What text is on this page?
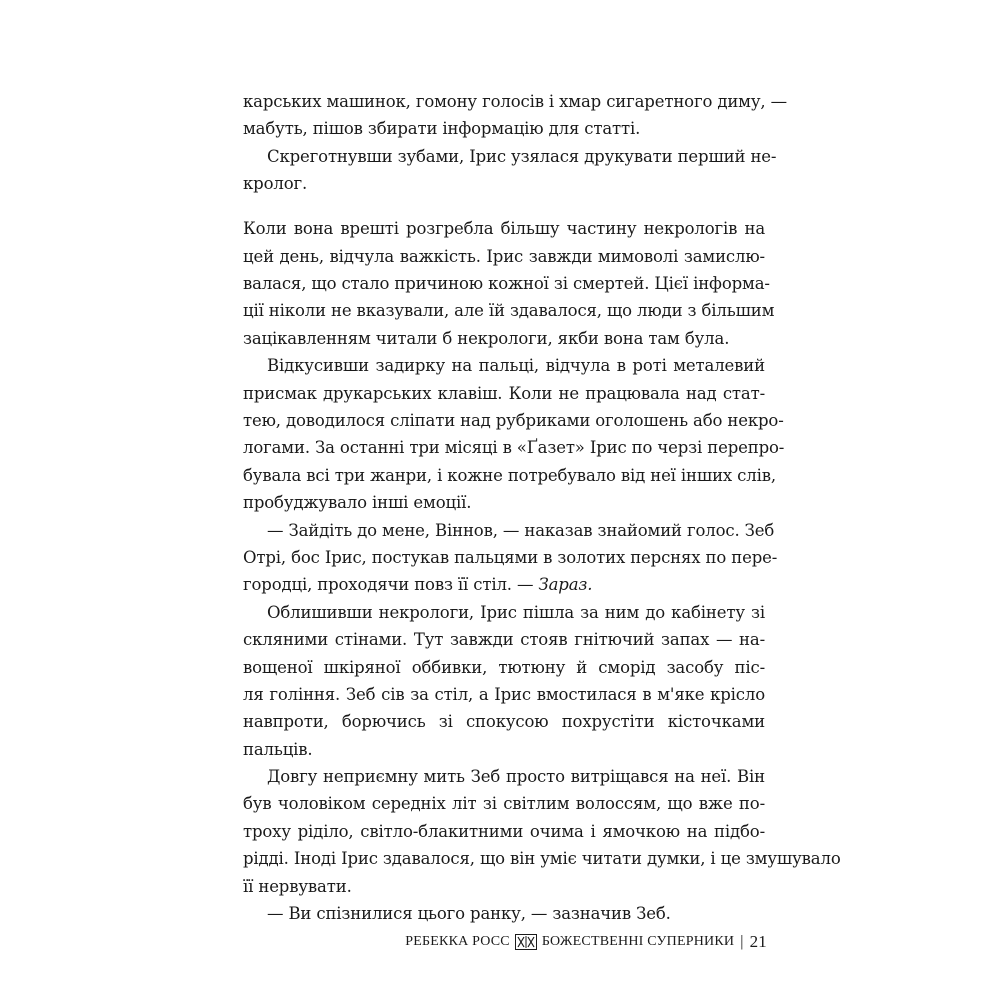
карських машинок, гомону голосів і хмар сигаретного диму, —
мабуть, пішов збирати інформацію для статті.
Скреготнувши зубами, Ірис узялася друкувати перший не-
кролог.
Коли вона врешті розгребла більшу частину некрологів на
цей день, відчула важкість. Ірис завжди мимоволі замислю-
валася, що стало причиною кожної зі смертей. Цієї інформа-
ції ніколи не вказували, але їй здавалося, що люди з більшим
зацікавленням читали б некрологи, якби вона там була.
Відкусивши задирку на пальці, відчула в роті металевий
присмак друкарських клавіш. Коли не працювала над стат-
тею, доводилося сліпати над рубриками оголошень або некро-
логами. За останні три місяці в «Ґазет» Ірис по черзі перепро-
бувала всі три жанри, і кожне потребувало від неї інших слів,
пробуджувало інші емоції.
— Зайдіть до мене, Віннов, — наказав знайомий голос. Зеб
Отрі, бос Ірис, постукав пальцями в золотих перснях по пере-
городці, проходячи повз її стіл. — Зараз.
Облишивши некрологи, Ірис пішла за ним до кабінету зі
скляними стінами. Тут завжди стояв гнітючий запах — на-
вощеної шкіряної оббивки, тютюну й сморід засобу піс-
ля гоління. Зеб сів за стіл, а Ірис вмостилася в м'яке крісло
навпроти, борючись зі спокусою похрустіти кісточками
пальців.
Довгу неприємну мить Зеб просто витріщався на неї. Він
був чоловіком середніх літ зі світлим волоссям, що вже по-
троху ріділо, світло-блакитними очима і ямочкою на підбо-
рідді. Іноді Ірис здавалося, що він уміє читати думки, і це змушувало
її нервувати.
— Ви спізнилися цього ранку, — зазначив Зеб.
РЕБЕККА РОСС БОЖЕСТВЕННІ СУПЕРНИКИ | 21
